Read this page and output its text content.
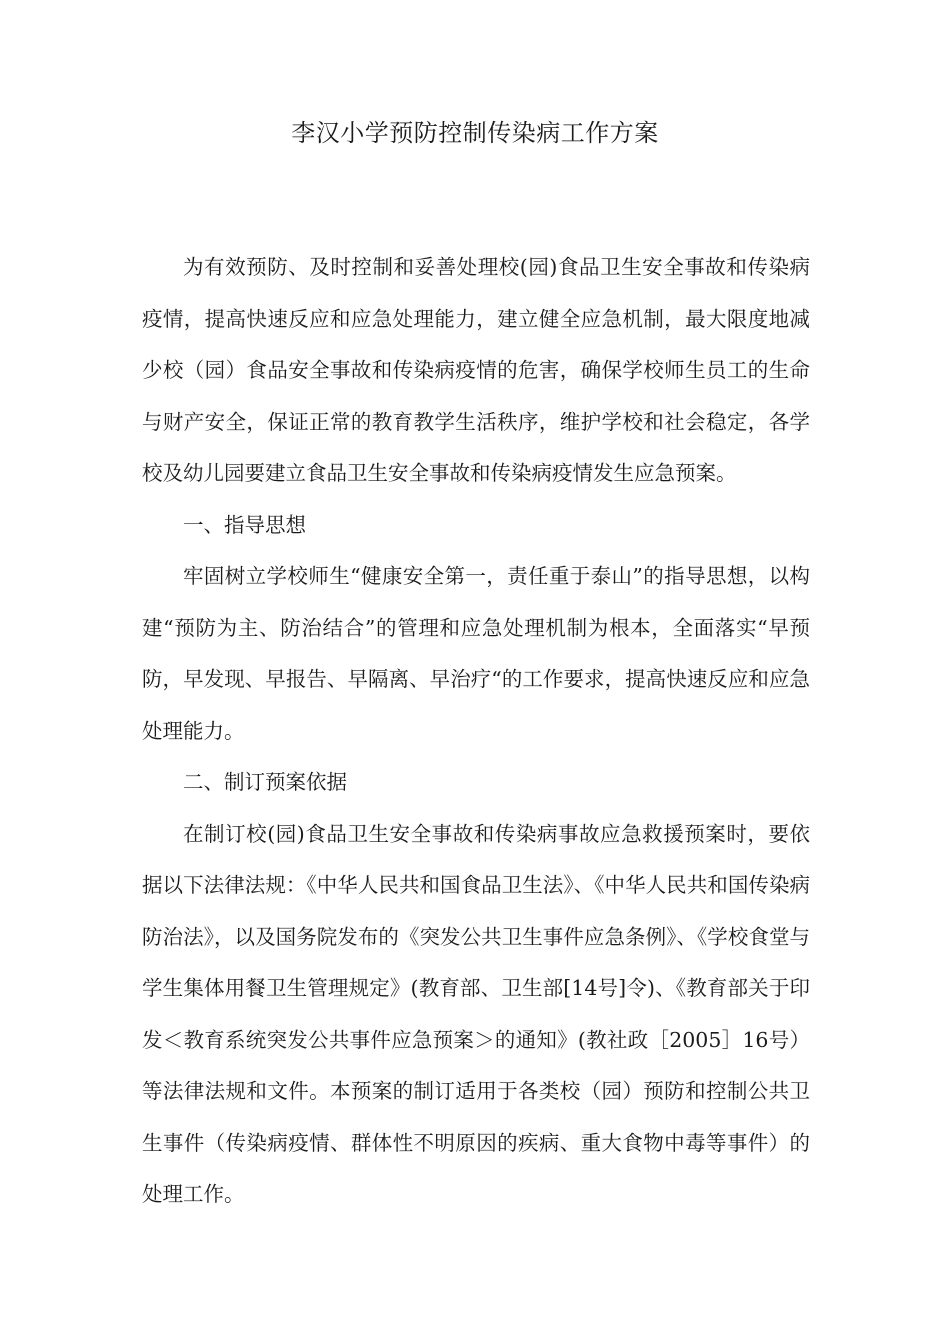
李汉小学预防控制传染病工作方案

为有效预防、及时控制和妥善处理校(园)食品卫生安全事故和传染病疫情，提高快速反应和应急处理能力，建立健全应急机制，最大限度地减少校（园）食品安全事故和传染病疫情的危害，确保学校师生员工的生命与财产安全，保证正常的教育教学生活秩序，维护学校和社会稳定，各学校及幼儿园要建立食品卫生安全事故和传染病疫情发生应急预案。

一、指导思想

牢固树立学校师生“健康安全第一，责任重于泰山”的指导思想，以构建“预防为主、防治结合”的管理和应急处理机制为根本，全面落实“早预防，早发现、早报告、早隔离、早治疗“的工作要求，提高快速反应和应急处理能力。

二、制订预案依据

在制订校(园)食品卫生安全事故和传染病事故应急救援预案时，要依据以下法律法规：《中华人民共和国食品卫生法》、《中华人民共和国传染病防治法》，以及国务院发布的《突发公共卫生事件应急条例》、《学校食堂与学生集体用餐卫生管理规定》(教育部、卫生部[14号]令)、《教育部关于印发＜教育系统突发公共事件应急预案＞的通知》(教社政［2005］16号）等法律法规和文件。本预案的制订适用于各类校（园）预防和控制公共卫生事件（传染病疫情、群体性不明原因的疾病、重大食物中毒等事件）的处理工作。
